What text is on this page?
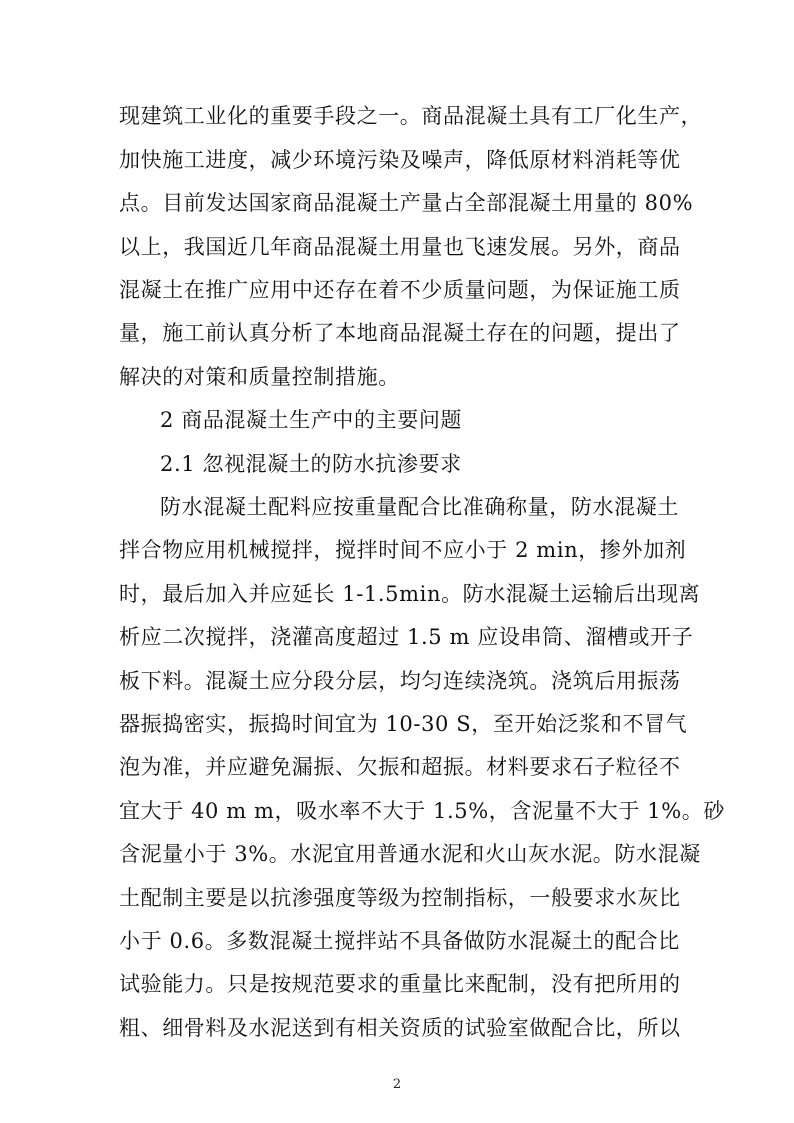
现建筑工业化的重要手段之一。商品混凝土具有工厂化生产，
加快施工进度，减少环境污染及噪声，降低原材料消耗等优
点。目前发达国家商品混凝土产量占全部混凝土用量的 80%
以上，我国近几年商品混凝土用量也飞速发展。另外，商品
混凝土在推广应用中还存在着不少质量问题，为保证施工质
量，施工前认真分析了本地商品混凝土存在的问题，提出了
解决的对策和质量控制措施。
2 商品混凝土生产中的主要问题
2.1 忽视混凝土的防水抗渗要求
防水混凝土配料应按重量配合比准确称量，防水混凝土
拌合物应用机械搅拌，搅拌时间不应小于 2 min，掺外加剂
时，最后加入并应延长 1-1.5min。防水混凝土运输后出现离
析应二次搅拌，浇灌高度超过 1.5 m 应设串筒、溜槽或开子
板下料。混凝土应分段分层，均匀连续浇筑。浇筑后用振荡
器振捣密实，振捣时间宜为 10-30 S，至开始泛浆和不冒气
泡为准，并应避免漏振、欠振和超振。材料要求石子粒径不
宜大于 40 m m，吸水率不大于 1.5%，含泥量不大于 1%。砂
含泥量小于 3%。水泥宜用普通水泥和火山灰水泥。防水混凝
土配制主要是以抗渗强度等级为控制指标，一般要求水灰比
小于 0.6。多数混凝土搅拌站不具备做防水混凝土的配合比
试验能力。只是按规范要求的重量比来配制，没有把所用的
粗、细骨料及水泥送到有相关资质的试验室做配合比，所以
2
